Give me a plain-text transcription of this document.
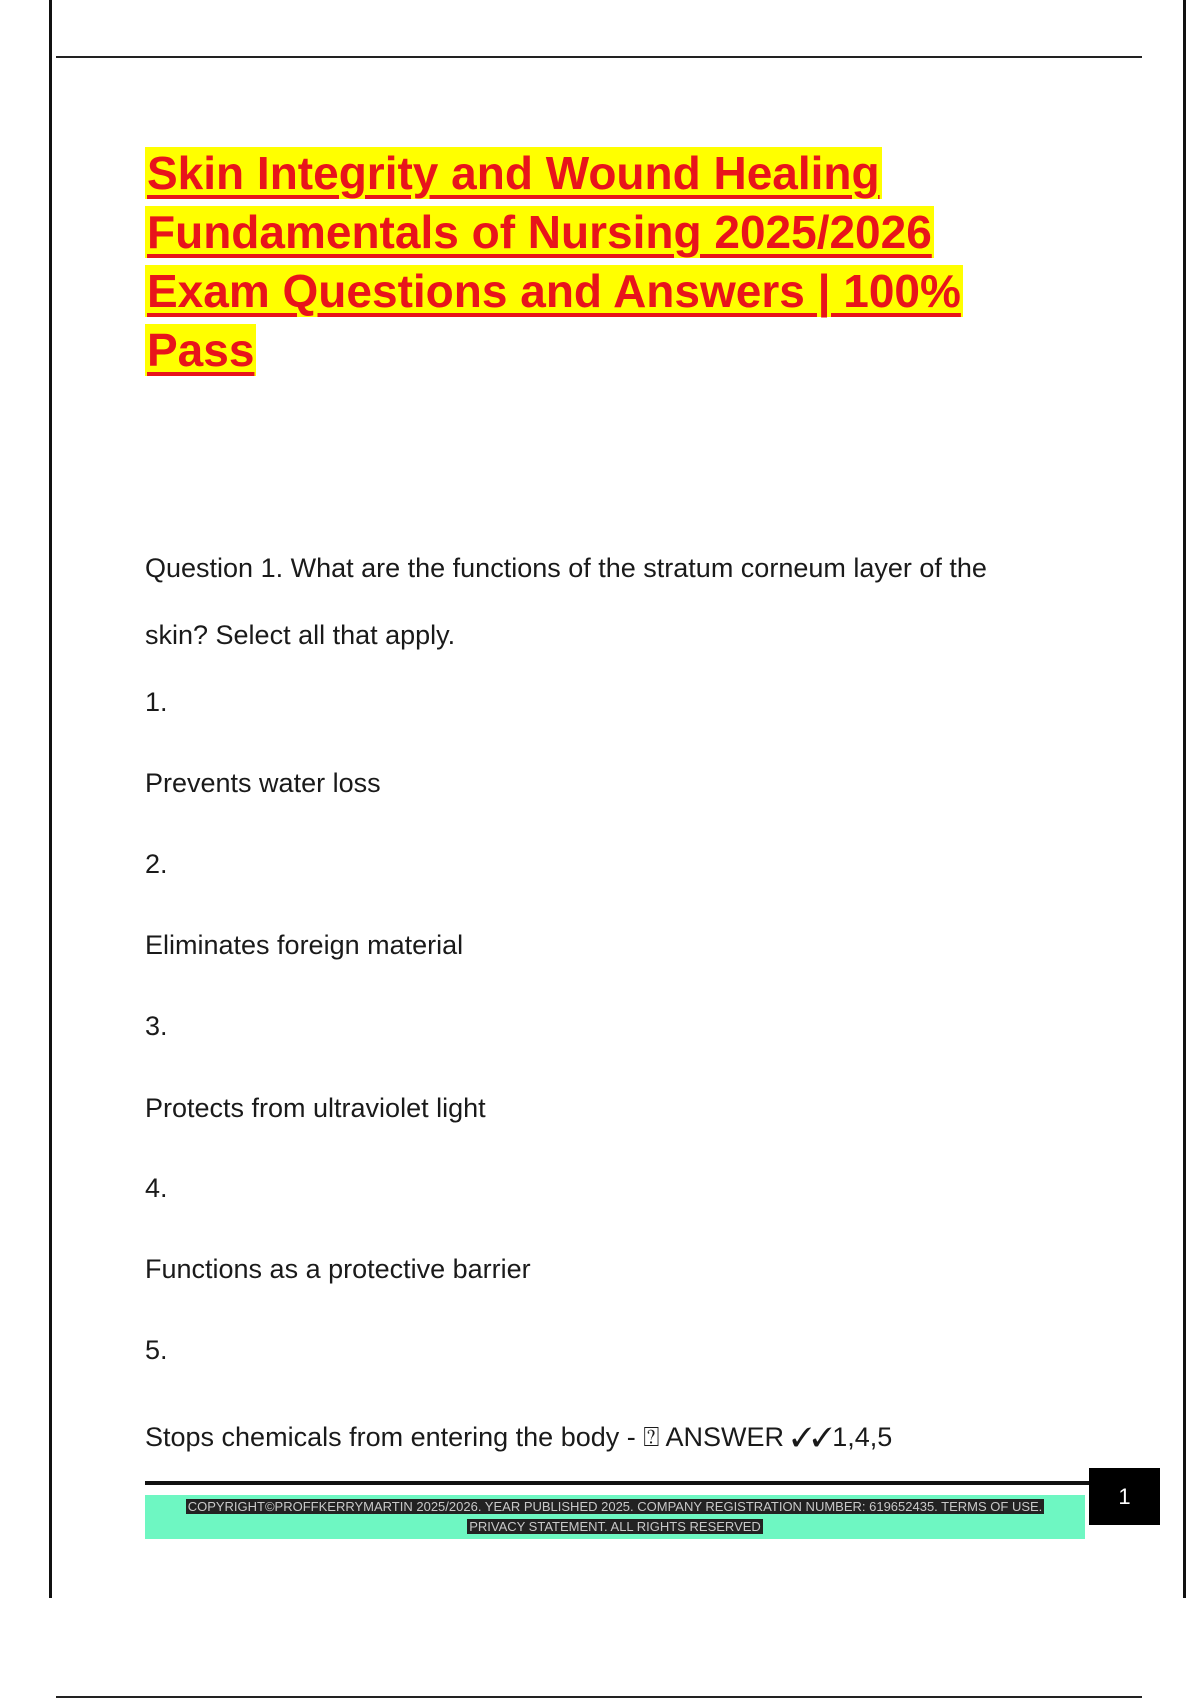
Skin Integrity and Wound Healing
Fundamentals of Nursing 2025/2026
Exam Questions and Answers | 100%
Pass

Question 1. What are the functions of the stratum corneum layer of the skin? Select all that apply.

1.

Prevents water loss

2.

Eliminates foreign material

3.

Protects from ultraviolet light

4.

Functions as a protective barrier

5.

Stops chemicals from entering the body - ⍰ ANSWER ✓✓1,4,5

COPYRIGHT©PROFFKERRYMARTIN 2025/2026. YEAR PUBLISHED 2025. COMPANY REGISTRATION NUMBER: 619652435. TERMS OF USE.
PRIVACY STATEMENT. ALL RIGHTS RESERVED
1
